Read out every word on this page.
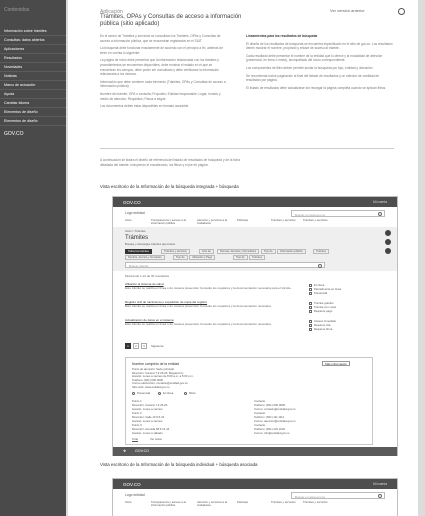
Contenidos
Información sobre trámites
Consultas: datos abiertos
Aplicaciones
Resultados
Novedades
Noticias
Marco de actuación
Ayuda
Cambiar idioma
Elementos de diseño
Elementos de diseño
GOV.CO
Aplicación
Trámites, OPAs y Consultas de acceso a información pública (sitio aplicado)
Ver versión anterior

En el sector de Trámites y servicios se consolidan los Trámites, OPAs y Consultas de acceso a información pública, que se encuentran registrados en el SUIT.

La búsqueda debe funcionar exactamente de acuerdo con el principio a fin, además de tener en cuenta lo siguiente:

La página de inicio debe presentar que la información relacionada con los trámites y procedimientos se encuentran disponibles, debe mostrar el estado en el que se encuentran los campos, debe poder ser consultado y debe verificarse la información relacionada a los mismos.

Información que debe contener cada elemento (Trámites, OPAs y Consultas de acceso a información pública):

Nombre del trámite, OPA o consulta; Propósito; Entidad responsable; Lugar, horario y medio de atención; Requisitos; Pasos a seguir.

Los documentos deben estar disponibles en formato accesible.

Lineamientos para los resultados de búsqueda

El diseño de los resultados de búsqueda se encuentra especificado en el sitio de gov.co. Los resultados deben mostrar el nombre, propósito y enlace de acceso al trámite.

Cada resultado debe presentar el nombre de la entidad que lo ofrece y la modalidad de atención (presencial, en línea o mixta), acompañado del icono correspondiente.

Los componentes de filtro deben permitir acotar la búsqueda por tipo, entidad y ubicación.

Se recomienda incluir paginación al final del listado de resultados y un selector de cantidad de resultados por página.

El listado de resultados debe actualizarse sin recargar la página completa cuando se aplican filtros.

A continuación se ilustra el diseño de referencia del listado de resultados de búsqueda y de la ficha detallada del trámite, incluyendo el encabezado, los filtros y el pie de página.
Vista escritorio de la Información de la búsqueda integrada + búsqueda
GOV.CO	Mi cuenta
Logo entidad	Buscar en www.gov.co
Inicio	Transparencia y acceso a la información pública
Atención y servicios a la ciudadanía
Participa	Trámites y servicios	Trámites y servicios
Inicio > Trámites
Trámites
Busque y descargue trámites que busca
Todos los trámites	Trámites y servicios	Acto de	Normas, decretos y formularios	Tipo de	Información pública	Trámites
Nombre, decreto y formulario	Tipo de	Ubicación y Pago	Tipo de	Trámites
Buscar trámite
Mostrando 1-10 de 30 resultados
Afiliación al sistema de salud
Este trámite se realiza en línea o de manera presencial. Consulte los requisitos y la documentación necesaria para el trámite.
Registro civil de nacimiento o expedición de copia del registro
Este trámite se realiza en línea o de manera presencial. Consulte los requisitos y la documentación necesaria.
Actualización de datos en el sistema
Este trámite se realiza en línea o de manera presencial. Consulte los requisitos y la documentación necesaria.
En línea
Parcialmente en línea
Presencial
Trámite gratuito
Trámite con costo
Requiere pago
Acceso inmediato
Requiere cita
Requiere firma
1 2 3 Siguiente
Nombre completo de la entidad	Más información
Punto de atención: Sede principal
Dirección: Carrera 7 # 26-20, Bogotá D.C.
Horario: Lunes a viernes de 8:00 a.m. a 5:00 p.m.
Teléfono: (601) 000 0000
Correo electrónico: contacto@entidad.gov.co
Sitio web: www.entidad.gov.co
Presencial	En línea	Mixto
Punto 1
Dirección: Carrera 7 # 26-20
Horario: Lunes a viernes
Punto 2
Dirección: Calle 10 # 5-31
Horario: Lunes a viernes
Punto 3
Dirección: Avenida 68 # 12-44
Horario: Lunes a sábado
Contacto
Teléfono: (601) 000 0000
Correo: contacto@entidad.gov.co
Contacto
Teléfono: (601) 111 1111
Correo: atencion@entidad.gov.co
Contacto
Teléfono: (601) 222 2222
Correo: info@entidad.gov.co
Total	Ver todos
❖ GOV.CO
Vista escritorio de la Información de la búsqueda individual + búsqueda asociada
GOV.CO	Mi cuenta
Logo entidad	Buscar en www.gov.co
Inicio	Transparencia y acceso a la información pública
Atención y servicios a la ciudadanía
Participa	Trámites y servicios	Trámites y servicios
